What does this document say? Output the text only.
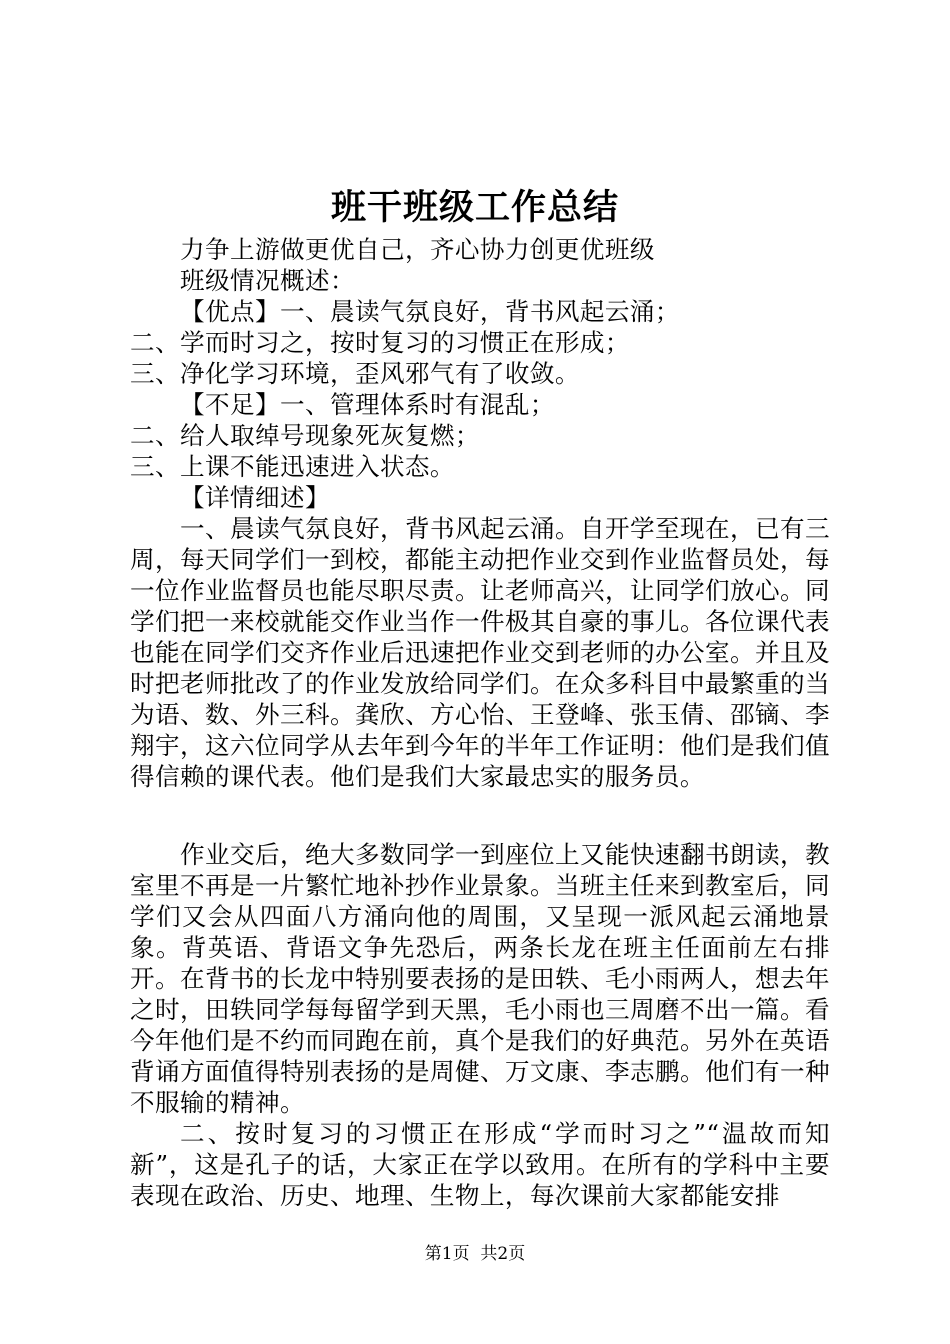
班干班级工作总结

力争上游做更优自己，齐心协力创更优班级

班级情况概述：

【优点】一、晨读气氛良好，背书风起云涌；

二、学而时习之，按时复习的习惯正在形成；

三、净化学习环境，歪风邪气有了收敛。

【不足】一、管理体系时有混乱；

二、给人取绰号现象死灰复燃；

三、上课不能迅速进入状态。

【详情细述】

一、晨读气氛良好，背书风起云涌。自开学至现在，已有三周，每天同学们一到校，都能主动把作业交到作业监督员处，每一位作业监督员也能尽职尽责。让老师高兴，让同学们放心。同学们把一来校就能交作业当作一件极其自豪的事儿。各位课代表也能在同学们交齐作业后迅速把作业交到老师的办公室。并且及时把老师批改了的作业发放给同学们。在众多科目中最繁重的当为语、数、外三科。龚欣、方心怡、王登峰、张玉倩、邵镝、李翔宇，这六位同学从去年到今年的半年工作证明：他们是我们值得信赖的课代表。他们是我们大家最忠实的服务员。

作业交后，绝大多数同学一到座位上又能快速翻书朗读，教室里不再是一片繁忙地补抄作业景象。当班主任来到教室后，同学们又会从四面八方涌向他的周围，又呈现一派风起云涌地景象。背英语、背语文争先恐后，两条长龙在班主任面前左右排开。在背书的长龙中特别要表扬的是田轶、毛小雨两人，想去年之时，田轶同学每每留学到天黑，毛小雨也三周磨不出一篇。看今年他们是不约而同跑在前，真个是我们的好典范。另外在英语背诵方面值得特别表扬的是周健、万文康、李志鹏。他们有一种不服输的精神。

二、按时复习的习惯正在形成“学而时习之”“温故而知新”，这是孔子的话，大家正在学以致用。在所有的学科中主要表现在政治、历史、地理、生物上，每次课前大家都能安排

第1页 共2页
